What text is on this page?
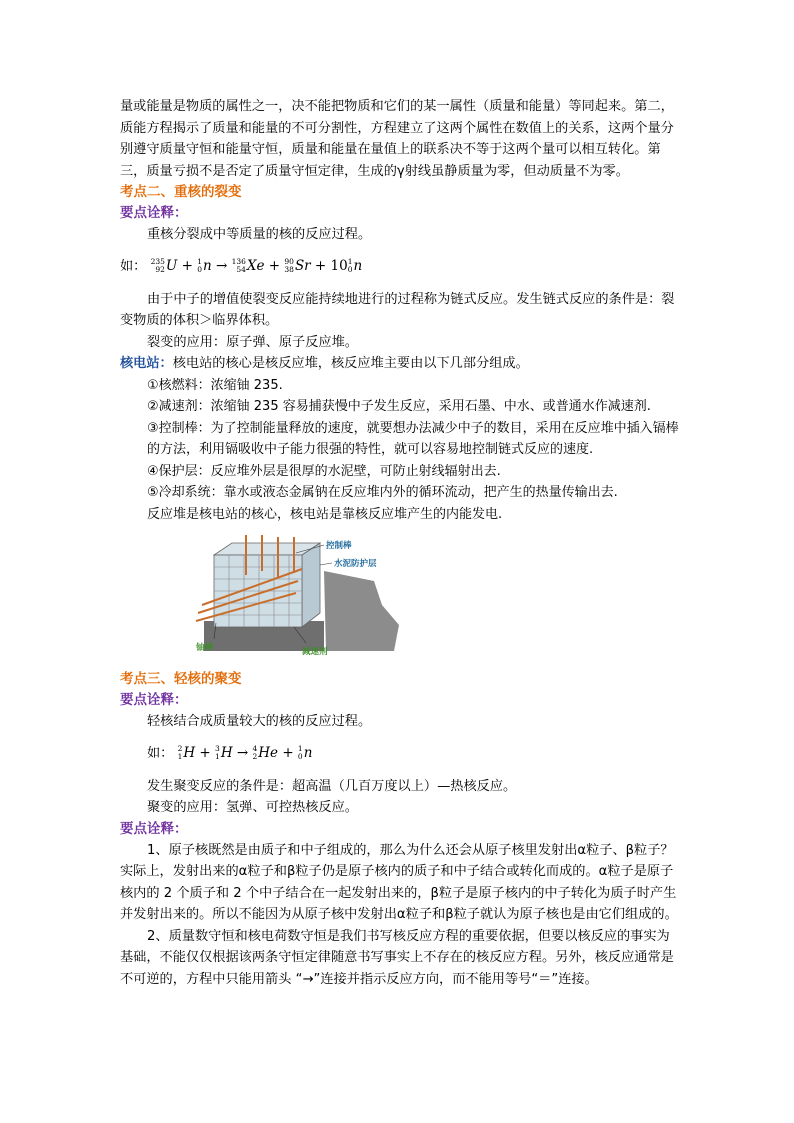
量或能量是物质的属性之一，决不能把物质和它们的某一属性（质量和能量）等同起来。第二，质能方程揭示了质量和能量的不可分割性，方程建立了这两个属性在数值上的关系，这两个量分别遵守质量守恒和能量守恒，质量和能量在量值上的联系决不等于这两个量可以相互转化。第三，质量亏损不是否定了质量守恒定律，生成的γ射线虽静质量为零，但动质量不为零。

考点二、重核的裂变

要点诠释：

重核分裂成中等质量的核的反应过程。

如： 235
92 U + 1
0 n → 136
54 Xe + 90
38 Sr + 10 1
0 n

由于中子的增值使裂变反应能持续地进行的过程称为链式反应。发生链式反应的条件是：裂变物质的体积＞临界体积。

裂变的应用：原子弹、原子反应堆。

核电站：核电站的核心是核反应堆，核反应堆主要由以下几部分组成。

①核燃料：浓缩铀 235.

②减速剂：浓缩铀 235 容易捕获慢中子发生反应，采用石墨、中水、或普通水作减速剂.

③控制棒：为了控制能量释放的速度，就要想办法减少中子的数目，采用在反应堆中插入镉棒的方法，利用镉吸收中子能力很强的特性，就可以容易地控制链式反应的速度.

④保护层：反应堆外层是很厚的水泥壁，可防止射线辐射出去.

⑤冷却系统：靠水或液态金属钠在反应堆内外的循环流动，把产生的热量传输出去.

反应堆是核电站的核心，核电站是靠核反应堆产生的内能发电.

控制棒
水泥防护层
铀棒	减速剂

考点三、轻核的聚变

要点诠释：

轻核结合成质量较大的核的反应过程。

如： 2
1 H + 3
1 H → 4
2 He + 1
0 n

发生聚变反应的条件是：超高温（几百万度以上）—热核反应。

聚变的应用：氢弹、可控热核反应。

要点诠释：

1、原子核既然是由质子和中子组成的，那么为什么还会从原子核里发射出α粒子、β粒子？实际上，发射出来的α粒子和β粒子仍是原子核内的质子和中子结合或转化而成的。α粒子是原子核内的 2 个质子和 2 个中子结合在一起发射出来的，β粒子是原子核内的中子转化为质子时产生并发射出来的。所以不能因为从原子核中发射出α粒子和β粒子就认为原子核也是由它们组成的。

2、质量数守恒和核电荷数守恒是我们书写核反应方程的重要依据，但要以核反应的事实为基础，不能仅仅根据该两条守恒定律随意书写事实上不存在的核反应方程。另外，核反应通常是不可逆的，方程中只能用箭头 “→”连接并指示反应方向，而不能用等号“＝”连接。
